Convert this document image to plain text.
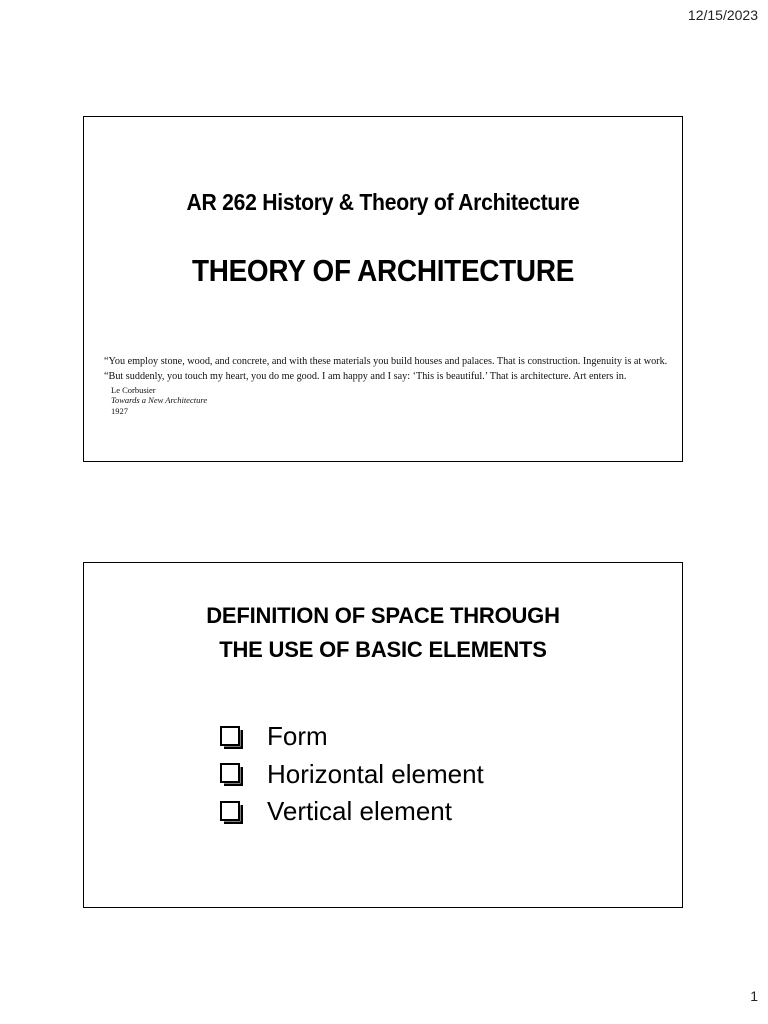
12/15/2023
AR 262 History & Theory of Architecture
THEORY OF ARCHITECTURE
“You employ stone, wood, and concrete, and with these materials you build houses and palaces. That is construction. Ingenuity is at work.
“But suddenly, you touch my heart, you do me good. I am happy and I say: ‘This is beautiful.’ That is architecture. Art enters in.
Le Corbusier
Towards a New Architecture
1927
DEFINITION OF SPACE THROUGH
THE USE OF BASIC ELEMENTS
Form
Horizontal element
Vertical element
1
